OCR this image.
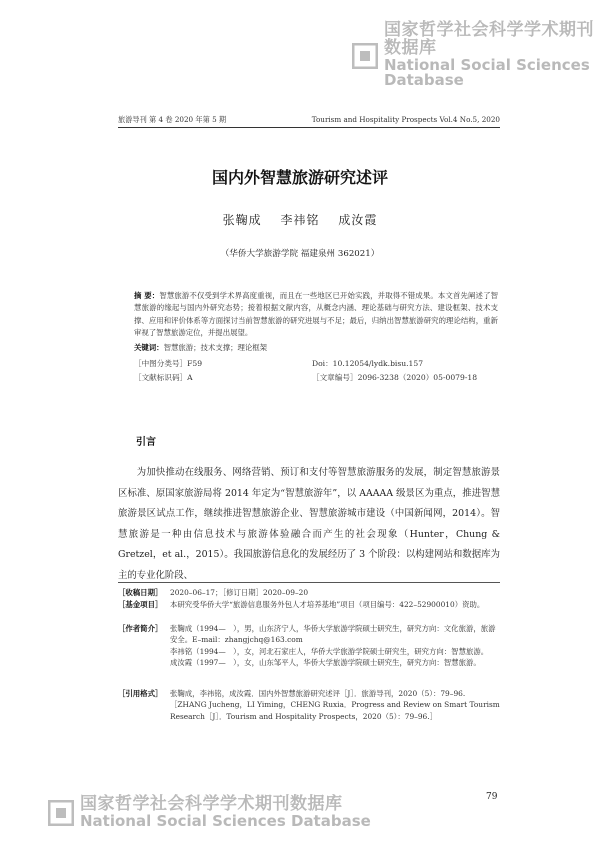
国家哲学社会科学学术期刊数据库
National Social Sciences Database
旅游导刊 第 4 卷 2020 年第 5 期	Tourism and Hospitality Prospects Vol.4 No.5, 2020
国内外智慧旅游研究述评
张鞠成 李祎铭 成汝霞
（华侨大学旅游学院 福建泉州 362021）
摘 要：智慧旅游不仅受到学术界高度重视，而且在一些地区已开始实践，并取得不错成果。本文首先阐述了智慧旅游的缘起与国内外研究态势；接着根据文献内容，从概念内涵、理论基础与研究方法、建设框架、技术支撑、应用和评价体系等方面探讨当前智慧旅游的研究进展与不足；最后，归纳出智慧旅游研究的理论结构，重新审视了智慧旅游定位，并提出展望。
关键词：智慧旅游；技术支撑；理论框架
［中图分类号］F59	Doi：10.12054/lydk.bisu.157
［文献标识码］A	［文章编号］2096-3238（2020）05-0079-18
引言

为加快推动在线服务、网络营销、预订和支付等智慧旅游服务的发展，制定智慧旅游景区标准、原国家旅游局将 2014 年定为“智慧旅游年”，以 AAAAA 级景区为重点，推进智慧旅游景区试点工作，继续推进智慧旅游企业、智慧旅游城市建设（中国新闻网，2014）。智慧旅游是一种由信息技术与旅游体验融合而产生的社会现象（Hunter，Chung & Gretzel，et al.，2015）。我国旅游信息化的发展经历了 3 个阶段：以构建网站和数据库为主的专业化阶段、

［收稿日期］	2020–06–17；［修订日期］2020–09–20
［基金项目］	本研究受华侨大学“旅游信息服务外包人才培养基地”项目（项目编号：422–52900010）资助。
［作者简介］	张鞠成（1994—　），男，山东济宁人，华侨大学旅游学院硕士研究生，研究方向：文化旅游，旅游安全。E–mail：zhangjchq@163.com
李祎铭（1994—　），女，河北石家庄人，华侨大学旅游学院硕士研究生，研究方向：智慧旅游。
成汝霞（1997—　），女，山东邹平人，华侨大学旅游学院硕士研究生，研究方向：智慧旅游。
［引用格式］	张鞠成，李祎铭，成汝霞．国内外智慧旅游研究述评［J］．旅游导刊，2020（5）：79–96.
［ZHANG Jucheng，LI Yiming，CHENG Ruxia．Progress and Review on Smart Tourism Research［J］．Tourism and Hospitality Prospects，2020（5）：79–96.］
79
国家哲学社会科学学术期刊数据库
National Social Sciences Database
